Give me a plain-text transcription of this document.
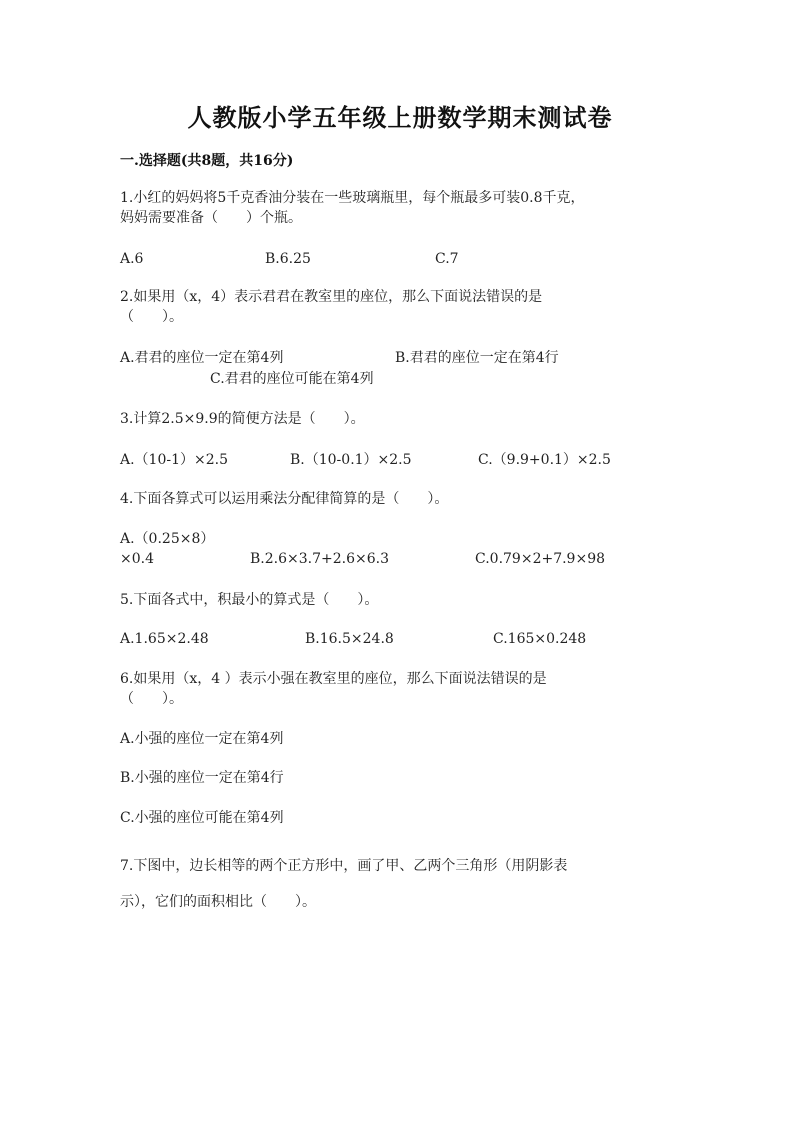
人教版小学五年级上册数学期末测试卷
一.选择题(共8题，共16分)
1.小红的妈妈将5千克香油分装在一些玻璃瓶里，每个瓶最多可装0.8千克，
妈妈需要准备（　　）个瓶。
A.6	B.6.25	C.7
2.如果用（x，4）表示君君在教室里的座位，那么下面说法错误的是
（　　）。
A.君君的座位一定在第4列	B.君君的座位一定在第4行
C.君君的座位可能在第4列
3.计算2.5×9.9的简便方法是（　　）。
A.（10-1）×2.5	B.（10-0.1）×2.5	C.（9.9+0.1）×2.5
4.下面各算式可以运用乘法分配律简算的是（　　）。
A.（0.25×8）
×0.4	B.2.6×3.7+2.6×6.3	C.0.79×2+7.9×98
5.下面各式中，积最小的算式是（　　）。
A.1.65×2.48	B.16.5×24.8	C.165×0.248
6.如果用（x，4 ）表示小强在教室里的座位，那么下面说法错误的是
（　　）。
A.小强的座位一定在第4列
B.小强的座位一定在第4行
C.小强的座位可能在第4列
7.下图中，边长相等的两个正方形中，画了甲、乙两个三角形（用阴影表
示），它们的面积相比（　　）。
